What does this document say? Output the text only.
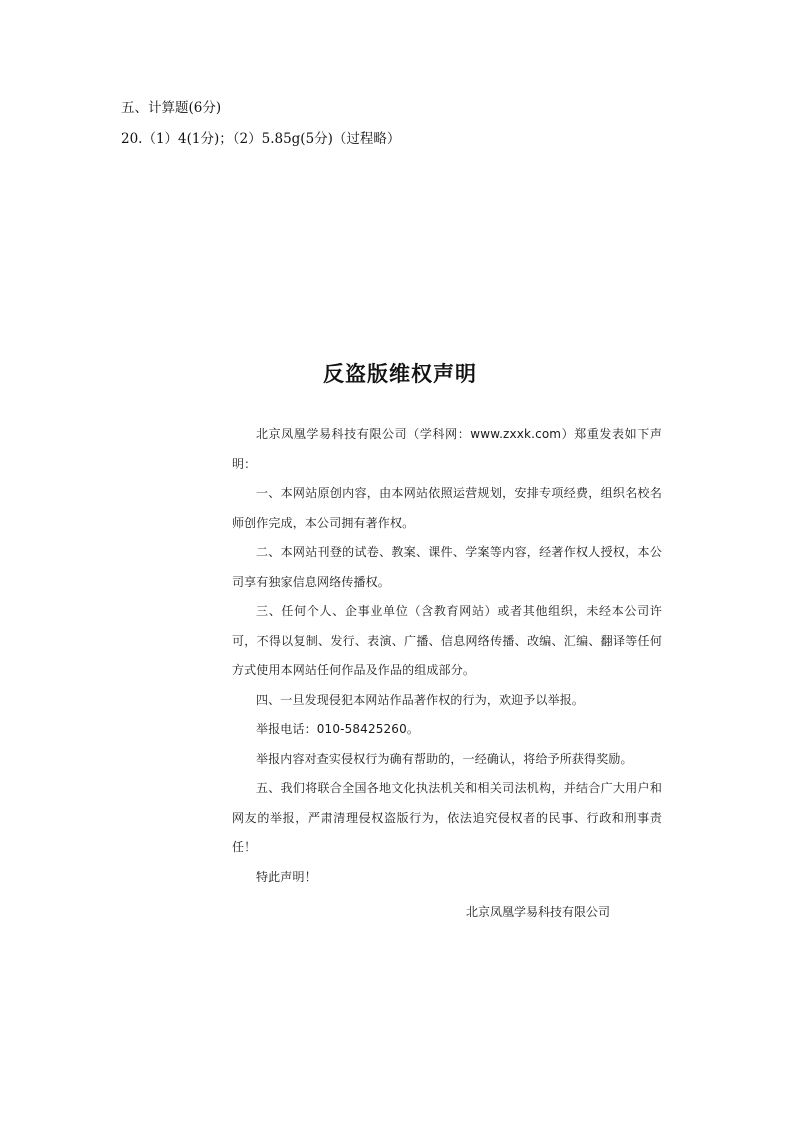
五、计算题(6分)
20.（1）4(1分)；（2）5.85g(5分)（过程略）
反盗版维权声明

北京凤凰学易科技有限公司（学科网：www.zxxk.com）郑重发表如下声明：

一、本网站原创内容，由本网站依照运营规划，安排专项经费，组织名校名师创作完成，本公司拥有著作权。

二、本网站刊登的试卷、教案、课件、学案等内容，经著作权人授权，本公司享有独家信息网络传播权。

三、任何个人、企事业单位（含教育网站）或者其他组织，未经本公司许可，不得以复制、发行、表演、广播、信息网络传播、改编、汇编、翻译等任何方式使用本网站任何作品及作品的组成部分。

四、一旦发现侵犯本网站作品著作权的行为，欢迎予以举报。

举报电话：010-58425260。

举报内容对查实侵权行为确有帮助的，一经确认，将给予所获得奖励。

五、我们将联合全国各地文化执法机关和相关司法机构，并结合广大用户和网友的举报，严肃清理侵权盗版行为，依法追究侵权者的民事、行政和刑事责任！

特此声明！

北京凤凰学易科技有限公司
